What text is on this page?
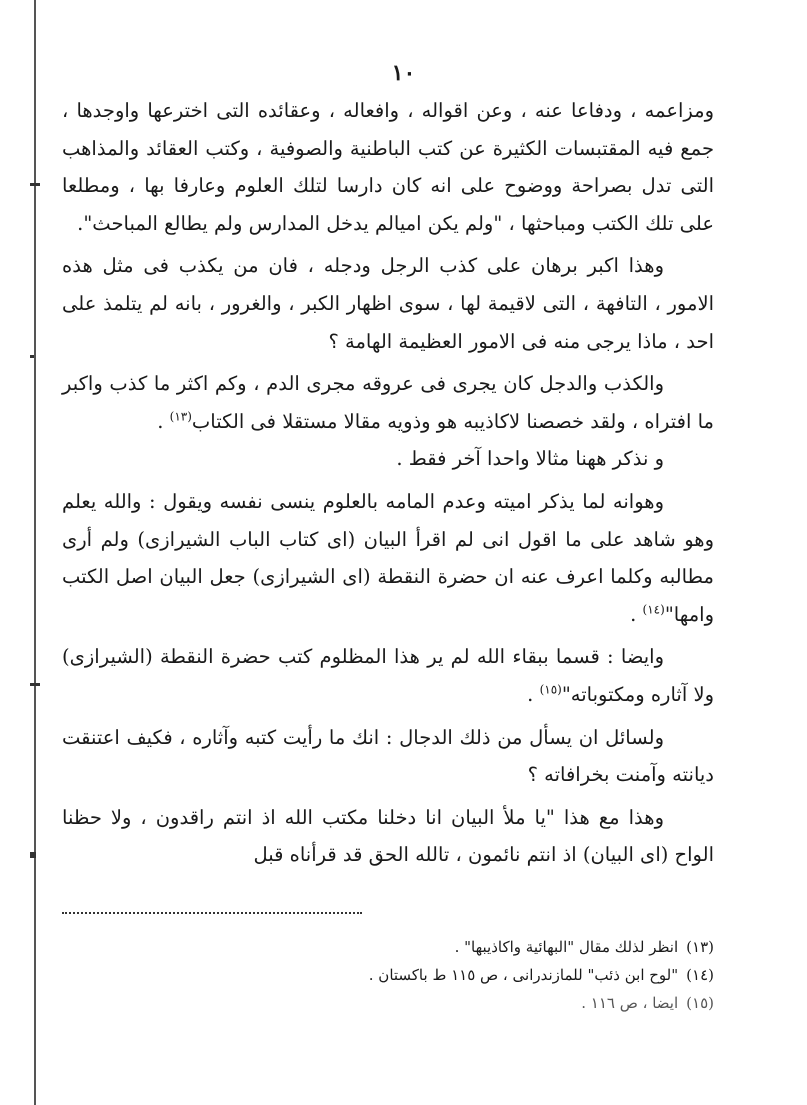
١٠

ومزاعمه ، ودفاعا عنه ، وعن اقواله ، وافعاله ، وعقائده التى اخترعها واوجدها ، جمع فيه المقتبسات الكثيرة عن كتب الباطنية والصوفية ، وكتب العقائد والمذاهب التى تدل بصراحة ووضوح على انه كان دارسا لتلك العلوم وعارفا بها ، ومطلعا على تلك الكتب ومباحثها ، "ولم يكن اميالم يدخل المدارس ولم يطالع المباحث".

وهذا اكبر برهان على كذب الرجل ودجله ، فان من يكذب فى مثل هذه الامور ، التافهة ، التى لاقيمة لها ، سوى اظهار الكبر ، والغرور ، بانه لم يتلمذ على احد ، ماذا يرجى منه فى الامور العظيمة الهامة ؟

والكذب والدجل كان يجرى فى عروقه مجرى الدم ، وكم اكثر ما كذب واكبر ما افتراه ، ولقد خصصنا لاكاذيبه هو وذويه مقالا مستقلا فى الكتاب$^{(١٣)}$ .

و نذكر ههنا مثالا واحدا آخر فقط .

وهوانه لما يذكر اميته وعدم المامه بالعلوم ينسى نفسه ويقول : والله يعلم وهو شاهد على ما اقول انى لم اقرأ البيان (اى كتاب الباب الشيرازى) ولم أرى مطالبه وكلما اعرف عنه ان حضرة النقطة (اى الشيرازى) جعل البيان اصل الكتب وامها"$^{(١٤)}$ .

وايضا : قسما ببقاء الله لم ير هذا المظلوم كتب حضرة النقطة (الشيرازى) ولا آثاره ومكتوباته"$^{(١٥)}$ .

ولسائل ان يسأل من ذلك الدجال : انك ما رأيت كتبه وآثاره ، فكيف اعتنقت ديانته وآمنت بخرافاته ؟

وهذا مع هذا "يا ملأ البيان انا دخلنا مكتب الله اذ انتم راقدون ، ولا حظنا الواح (اى البيان) اذ انتم نائمون ، تالله الحق قد قرأناه قبل

(١٣)انظر لذلك مقال "البهائية واكاذيبها" .

(١٤)"لوح ابن ذئب" للمازندرانى ، ص ١١٥ ط باكستان .

(١٥)ايضا ، ص ١١٦ .
